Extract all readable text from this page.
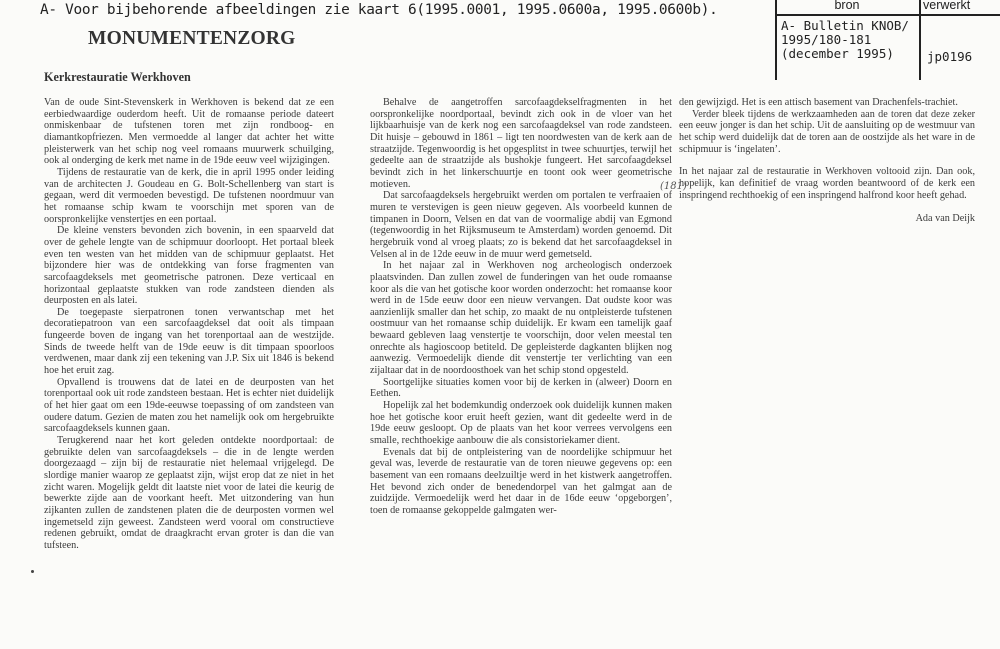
A- Voor bijbehorende afbeeldingen zie kaart 6(1995.0001, 1995.0600a, 1995.0600b).	bron	verwerkt
A- Bulletin KNOB/
1995/180-181
(december 1995)	jp0196
MONUMENTENZORG
Kerkrestauratie Werkhoven

Van de oude Sint-Stevenskerk in Werkhoven is bekend dat ze een eerbiedwaardige ouderdom heeft. Uit de romaanse periode dateert onmiskenbaar de tufstenen toren met zijn rondboog- en diamantkopfriezen. Men vermoedde al langer dat achter het witte pleisterwerk van het schip nog veel romaans muurwerk schuilging, ook al onderging de kerk met name in de 19de eeuw veel wijzigingen.

Tijdens de restauratie van de kerk, die in april 1995 onder leiding van de architecten J. Goudeau en G. Bolt-Schellenberg van start is gegaan, werd dit vermoeden bevestigd. De tufstenen noordmuur van het romaanse schip kwam te voorschijn met sporen van de oorspronkelijke venstertjes en een portaal.

De kleine vensters bevonden zich bovenin, in een spaarveld dat over de gehele lengte van de schipmuur doorloopt. Het portaal bleek even ten westen van het midden van de schipmuur geplaatst. Het bijzondere hier was de ontdekking van forse fragmenten van sarcofaagdeksels met geometrische patronen. Deze verticaal en horizontaal geplaatste stukken van rode zandsteen dienden als deurposten en als latei.

De toegepaste sierpatronen tonen verwantschap met het decoratiepatroon van een sarcofaagdeksel dat ooit als timpaan fungeerde boven de ingang van het torenportaal aan de westzijde. Sinds de tweede helft van de 19de eeuw is dit timpaan spoorloos verdwenen, maar dank zij een tekening van J.P. Six uit 1846 is bekend hoe het eruit zag.

Opvallend is trouwens dat de latei en de deurposten van het torenportaal ook uit rode zandsteen bestaan. Het is echter niet duidelijk of het hier gaat om een 19de-eeuwse toepassing of om zandsteen van oudere datum. Gezien de maten zou het namelijk ook om hergebruikte sarcofaagdeksels kunnen gaan.

Terugkerend naar het kort geleden ontdekte noordportaal: de gebruikte delen van sarcofaagdeksels – die in de lengte werden doorgezaagd – zijn bij de restauratie niet helemaal vrijgelegd. De slordige manier waarop ze geplaatst zijn, wijst erop dat ze niet in het zicht waren. Mogelijk geldt dit laatste niet voor de latei die keurig de bewerkte zijde aan de voorkant heeft. Met uitzondering van hun zijkanten zullen de zandstenen platen die de deurposten vormen wel ingemetseld zijn geweest. Zandsteen werd vooral om constructieve redenen gebruikt, omdat de draagkracht ervan groter is dan die van tufsteen.

Behalve de aangetroffen sarcofaagdekselfragmenten in het oorspronkelijke noordportaal, bevindt zich ook in de vloer van het lijkbaarhuisje van de kerk nog een sarcofaagdeksel van rode zandsteen. Dit huisje – gebouwd in 1861 – ligt ten noordwesten van de kerk aan de straatzijde. Tegenwoordig is het opgesplitst in twee schuurtjes, terwijl het gedeelte aan de straatzijde als bushokje fungeert. Het sarcofaagdeksel bevindt zich in het linkerschuurtje en toont ook weer geometrische motieven.

Dat sarcofaagdeksels hergebruikt werden om portalen te verfraaien of muren te verstevigen is geen nieuw gegeven. Als voorbeeld kunnen de timpanen in Doorn, Velsen en dat van de voormalige abdij van Egmond (tegenwoordig in het Rijksmuseum te Amsterdam) worden genoemd. Dit hergebruik vond al vroeg plaats; zo is bekend dat het sarcofaagdeksel in Velsen al in de 12de eeuw in de muur werd gemetseld.

In het najaar zal in Werkhoven nog archeologisch onderzoek plaatsvinden. Dan zullen zowel de funderingen van het oude romaanse koor als die van het gotische koor worden onderzocht: het romaanse koor werd in de 15de eeuw door een nieuw vervangen. Dat oudste koor was aanzienlijk smaller dan het schip, zo maakt de nu ontpleisterde tufstenen oostmuur van het romaanse schip duidelijk. Er kwam een tamelijk gaaf bewaard gebleven laag venstertje te voorschijn, door velen meestal ten onrechte als hagioscoop betiteld. De gepleisterde dagkanten blijken nog aanwezig. Vermoedelijk diende dit venstertje ter verlichting van een zijaltaar dat in de noordoosthoek van het schip stond opgesteld.

Soortgelijke situaties komen voor bij de kerken in (alweer) Doorn en Eethen.

Hopelijk zal het bodemkundig onderzoek ook duidelijk kunnen maken hoe het gotische koor eruit heeft gezien, want dit gedeelte werd in de 19de eeuw gesloopt. Op de plaats van het koor verrees vervolgens een smalle, rechthoekige aanbouw die als consistoriekamer dient.

Evenals dat bij de ontpleistering van de noordelijke schipmuur het geval was, leverde de restauratie van de toren nieuwe gegevens op: een basement van een romaans deelzuiltje werd in het kistwerk aangetroffen. Het bevond zich onder de benedendorpel van het galmgat aan de zuidzijde. Vermoedelijk werd het daar in de 16de eeuw ‘opgeborgen’, toen de romaanse gekoppelde galmgaten wer-

den gewijzigd. Het is een attisch basement van Drachenfels-trachiet.

Verder bleek tijdens de werkzaamheden aan de toren dat deze zeker een eeuw jonger is dan het schip. Uit de aansluiting op de westmuur van het schip werd duidelijk dat de toren aan de oostzijde als het ware in de schipmuur is ‘ingelaten’.

In het najaar zal de restauratie in Werkhoven voltooid zijn. Dan ook, hopelijk, kan definitief de vraag worden beantwoord of de kerk een inspringend rechthoekig of een inspringend halfrond koor heeft gehad.

Ada van Deijk

(181)
